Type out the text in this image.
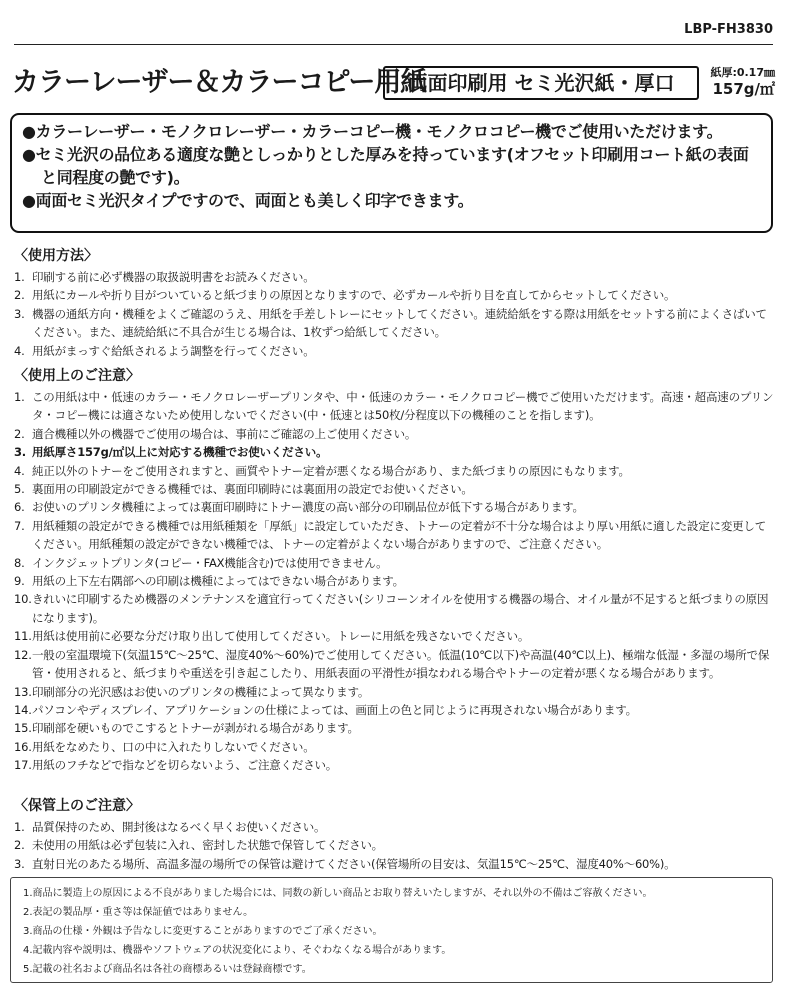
LBP-FH3830
カラーレーザー＆カラーコピー用紙
両面印刷用 セミ光沢紙・厚口	紙厚:0.17㎜
157g/㎡

●カラーレーザー・モノクロレーザー・カラーコピー機・モノクロコピー機でご使用いただけます。

●セミ光沢の品位ある適度な艶としっかりとした厚みを持っています(オフセット印刷用コート紙の表面と同程度の艶です)。

●両面セミ光沢タイプですので、両面とも美しく印字できます。

〈使用方法〉
1. 印刷する前に必ず機器の取扱説明書をお読みください。
2. 用紙にカールや折り目がついていると紙づまりの原因となりますので、必ずカールや折り目を直してからセットしてください。
3. 機器の通紙方向・機種をよくご確認のうえ、用紙を手差しトレーにセットしてください。連続給紙をする際は用紙をセットする前によくさばいてください。また、連続給紙に不具合が生じる場合は、1枚ずつ給紙してください。
4. 用紙がまっすぐ給紙されるよう調整を行ってください。
〈使用上のご注意〉
1. この用紙は中・低速のカラー・モノクロレーザープリンタや、中・低速のカラー・モノクロコピー機でご使用いただけます。高速・超高速のプリンタ・コピー機には適さないため使用しないでください(中・低速とは50枚/分程度以下の機種のことを指します)。
2. 適合機種以外の機器でご使用の場合は、事前にご確認の上ご使用ください。
3. 用紙厚さ157g/㎡以上に対応する機種でお使いください。
4. 純正以外のトナーをご使用されますと、画質やトナー定着が悪くなる場合があり、また紙づまりの原因にもなります。
5. 裏面用の印刷設定ができる機種では、裏面印刷時には裏面用の設定でお使いください。
6. お使いのプリンタ機種によっては裏面印刷時にトナー濃度の高い部分の印刷品位が低下する場合があります。
7. 用紙種類の設定ができる機種では用紙種類を「厚紙」に設定していただき、トナーの定着が不十分な場合はより厚い用紙に適した設定に変更してください。用紙種類の設定ができない機種では、トナーの定着がよくない場合がありますので、ご注意ください。
8. インクジェットプリンタ(コピー・FAX機能含む)では使用できません。
9. 用紙の上下左右隅部への印刷は機種によってはできない場合があります。
10.きれいに印刷するため機器のメンテナンスを適宜行ってください(シリコーンオイルを使用する機器の場合、オイル量が不足すると紙づまりの原因になります)。
11.用紙は使用前に必要な分だけ取り出して使用してください。トレーに用紙を残さないでください。
12.一般の室温環境下(気温15℃〜25℃、湿度40%〜60%)でご使用してください。低温(10℃以下)や高温(40℃以上)、極端な低湿・多湿の場所で保管・使用されると、紙づまりや重送を引き起こしたり、用紙表面の平滑性が損なわれる場合やトナーの定着が悪くなる場合があります。
13.印刷部分の光沢感はお使いのプリンタの機種によって異なります。
14.パソコンやディスプレイ、アプリケーションの仕様によっては、画面上の色と同じように再現されない場合があります。
15.印刷部を硬いものでこするとトナーが剥がれる場合があります。
16.用紙をなめたり、口の中に入れたりしないでください。
17.用紙のフチなどで指などを切らないよう、ご注意ください。
〈保管上のご注意〉
1. 品質保持のため、開封後はなるべく早くお使いください。
2. 未使用の用紙は必ず包装に入れ、密封した状態で保管してください。
3. 直射日光のあたる場所、高温多湿の場所での保管は避けてください(保管場所の目安は、気温15℃〜25℃、湿度40%〜60%)。

1.商品に製造上の原因による不良がありました場合には、同数の新しい商品とお取り替えいたしますが、それ以外の不備はご容赦ください。

2.表記の製品厚・重さ等は保証値ではありません。

3.商品の仕様・外観は予告なしに変更することがありますのでご了承ください。

4.記載内容や説明は、機器やソフトウェアの状況変化により、そぐわなくなる場合があります。

5.記載の社名および商品名は各社の商標あるいは登録商標です。
